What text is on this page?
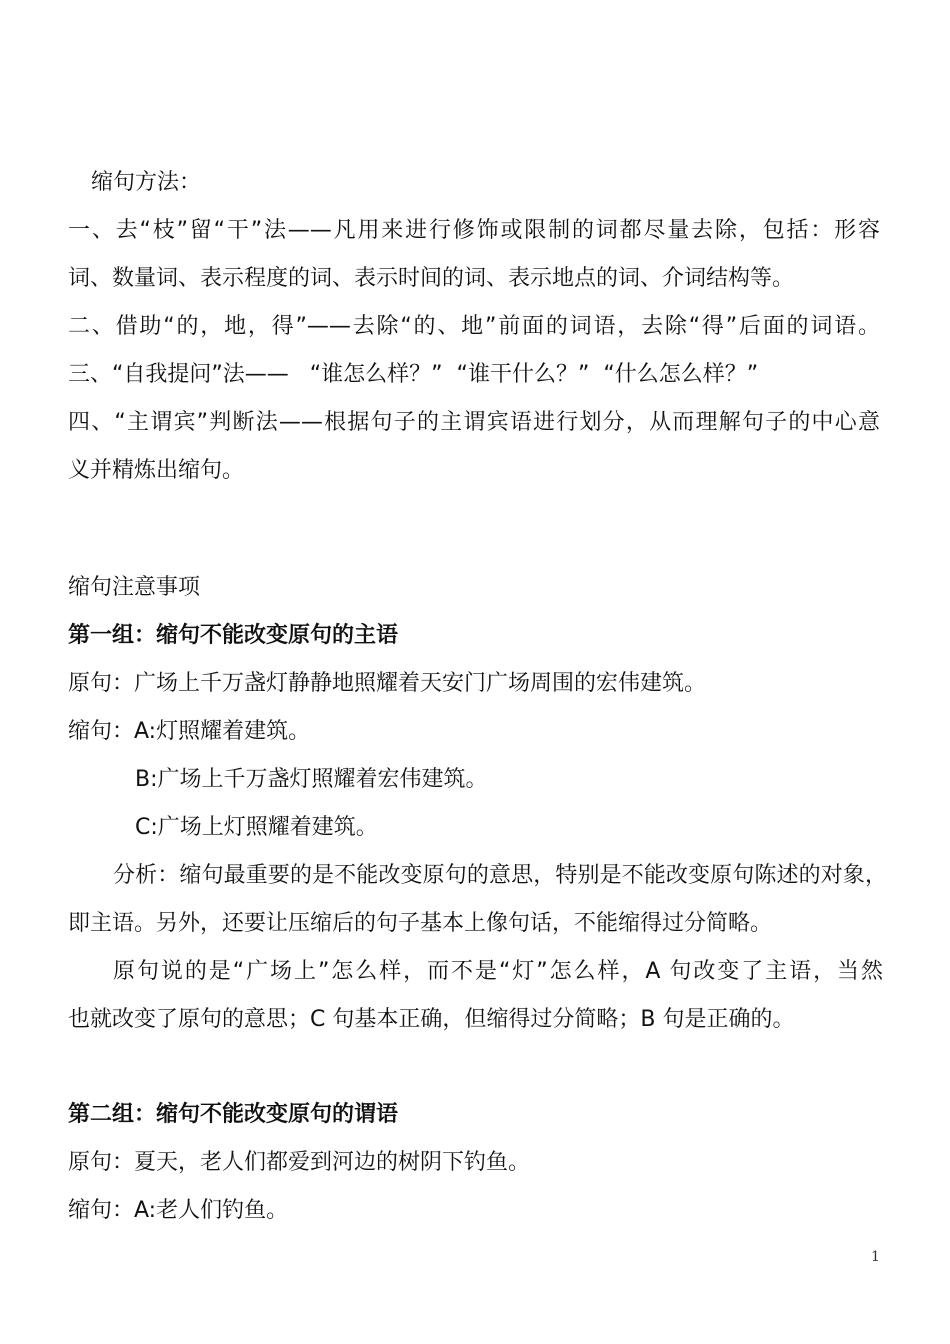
缩句方法：

一、去“枝”留“干”法——凡用来进行修饰或限制的词都尽量去除，包括：形容

词、数量词、表示程度的词、表示时间的词、表示地点的词、介词结构等。

二、借助“的，地，得”——去除“的、地”前面的词语，去除“得”后面的词语。

三、“自我提问”法——   “谁怎么样？”  “谁干什么？”  “什么怎么样？”

四、“主谓宾”判断法——根据句子的主谓宾语进行划分，从而理解句子的中心意

义并精炼出缩句。

缩句注意事项

第一组：缩句不能改变原句的主语

原句：广场上千万盏灯静静地照耀着天安门广场周围的宏伟建筑。

缩句：A:灯照耀着建筑。

B:广场上千万盏灯照耀着宏伟建筑。

C:广场上灯照耀着建筑。

分析：缩句最重要的是不能改变原句的意思，特别是不能改变原句陈述的对象，

即主语。另外，还要让压缩后的句子基本上像句话，不能缩得过分简略。

原句说的是“广场上”怎么样，而不是“灯”怎么样，A 句改变了主语，当然

也就改变了原句的意思；C 句基本正确，但缩得过分简略；B 句是正确的。

第二组：缩句不能改变原句的谓语

原句：夏天，老人们都爱到河边的树阴下钓鱼。

缩句：A:老人们钓鱼。

1
